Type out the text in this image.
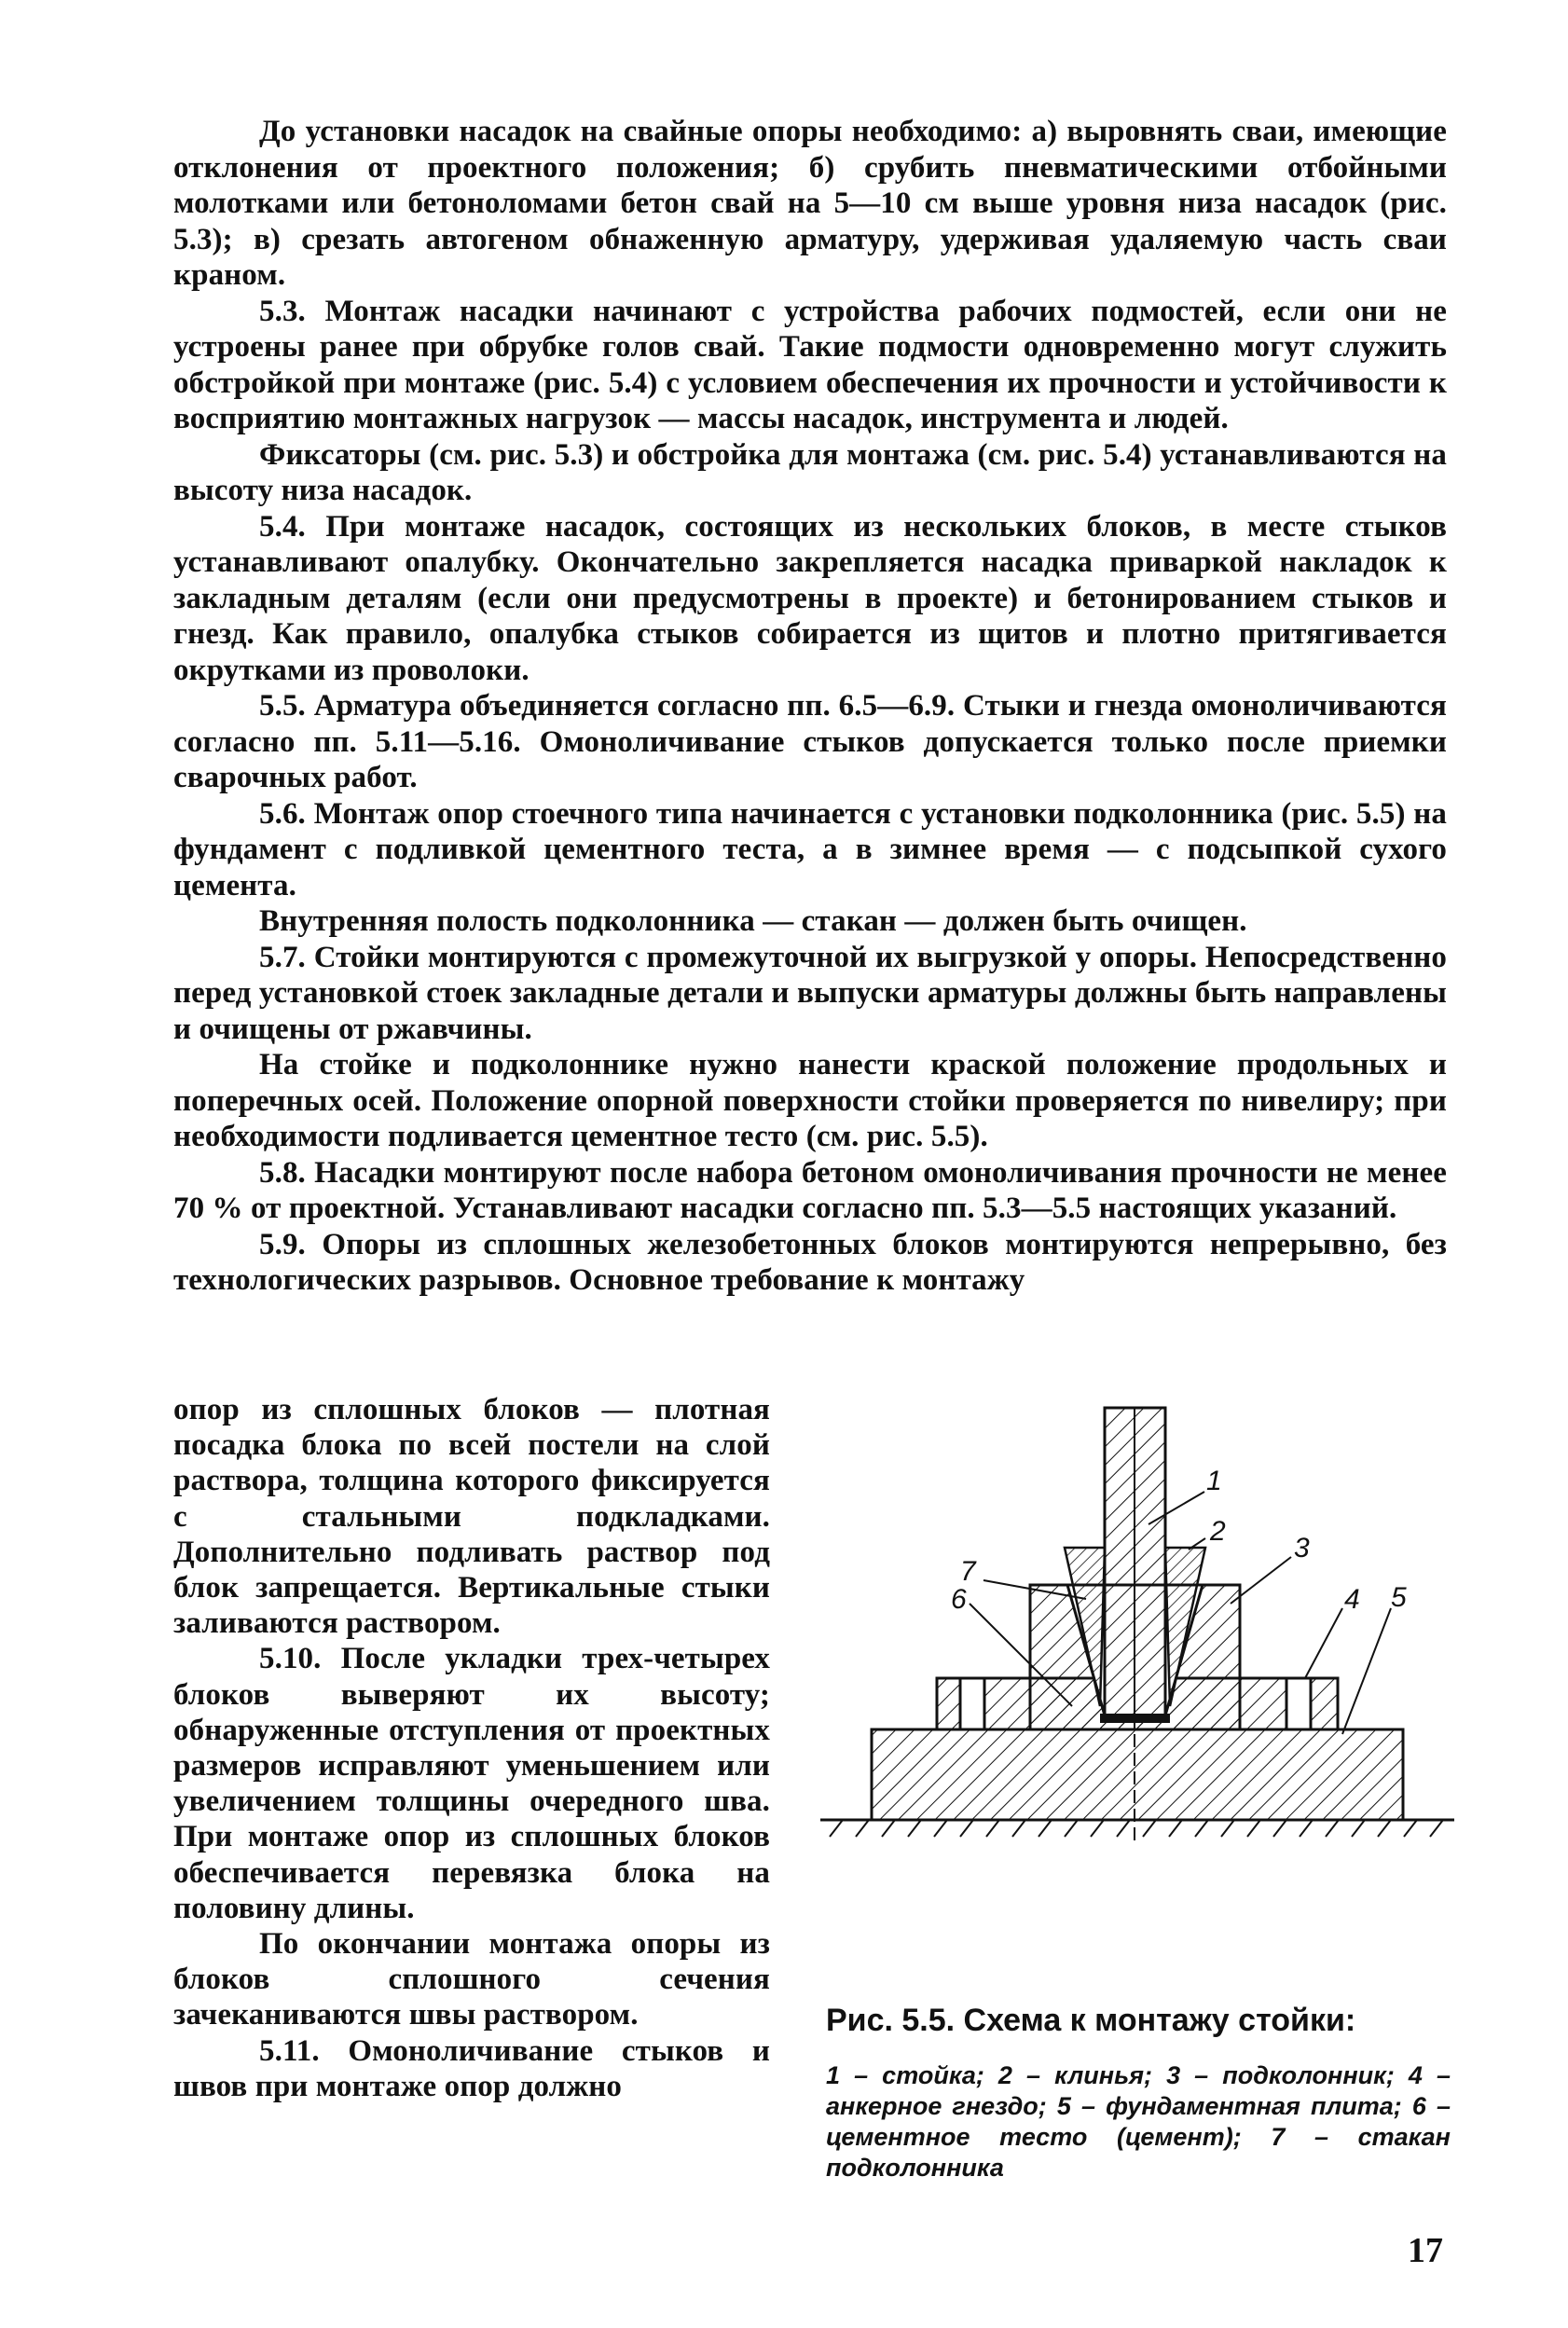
До установки насадок на свайные опоры необходимо: а) выровнять сваи, имеющие отклонения от проектного положения; б) срубить пневматическими отбойными молотками или бетоноломами бетон свай на 5—10 см выше уровня низа насадок (рис. 5.3); в) срезать автогеном обнаженную арматуру, удерживая удаляемую часть сваи краном.

5.3. Монтаж насадки начинают с устройства рабочих подмостей, если они не устроены ранее при обрубке голов свай. Такие подмости одновременно могут служить обстройкой при монтаже (рис. 5.4) с условием обеспечения их прочности и устойчивости к восприятию монтажных нагрузок — массы насадок, инструмента и людей.

Фиксаторы (см. рис. 5.3) и обстройка для монтажа (см. рис. 5.4) устанавливаются на высоту низа насадок.

5.4. При монтаже насадок, состоящих из нескольких блоков, в месте стыков устанавливают опалубку. Окончательно закрепляется насадка приваркой накладок к закладным деталям (если они предусмотрены в проекте) и бетонированием стыков и гнезд. Как правило, опалубка стыков собирается из щитов и плотно притягивается окрутками из проволоки.

5.5. Арматура объединяется согласно пп. 6.5—6.9. Стыки и гнезда омоноличиваются согласно пп. 5.11—5.16. Омоноличивание стыков допускается только после приемки сварочных работ.

5.6. Монтаж опор стоечного типа начинается с установки подколонника (рис. 5.5) на фундамент с подливкой цементного теста, а в зимнее время — с подсыпкой сухого цемента.

Внутренняя полость подколонника — стакан — должен быть очищен.

5.7. Стойки монтируются с промежуточной их выгрузкой у опоры. Непосредственно перед установкой стоек закладные детали и выпуски арматуры должны быть направлены и очищены от ржавчины.

На стойке и подколоннике нужно нанести краской положение продольных и поперечных осей. Положение опорной поверхности стойки проверяется по нивелиру; при необходимости подливается цементное тесто (см. рис. 5.5).

5.8. Насадки монтируют после набора бетоном омоноличивания прочности не менее 70 % от проектной. Устанавливают насадки согласно пп. 5.3—5.5 настоящих указаний.

5.9. Опоры из сплошных железобетонных блоков монтируются непрерывно, без технологических разрывов. Основное требование к монтажу

опор из сплошных блоков — плотная посадка блока по всей постели на слой раствора, толщина которого фиксируется с стальными подкладками. Дополнительно подливать раствор под блок запрещается. Вертикальные стыки заливаются раствором.

5.10. После укладки трех-четырех блоков выверяют их высоту; обнаруженные отступления от проектных размеров исправляют уменьшением или увеличением толщины очередного шва. При монтаже опор из сплошных блоков обеспечивается перевязка блока на половину длины.

По окончании монтажа опоры из блоков сплошного сечения зачеканиваются швы раствором.

5.11. Омоноличивание стыков и швов при монтаже опор должно

1
2
3
4 5
6
7
Рис. 5.5. Схема к монтажу стойки:
1 – стойка; 2 – клинья; 3 – подколонник; 4 – анкерное гнездо; 5 – фундаментная плита; 6 – цементное тесто (цемент); 7 – стакан подколонника
17
